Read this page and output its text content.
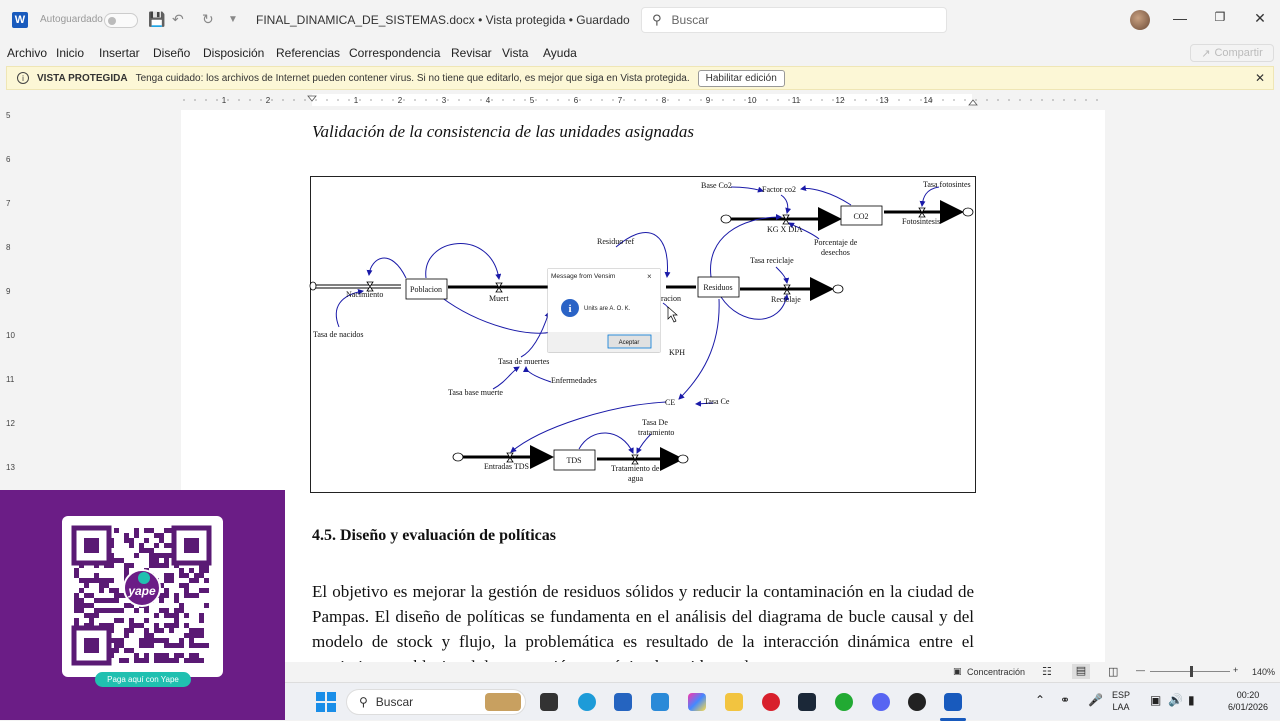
W Autoguardado	💾 ↶ ↻ ▼ FINAL_DINAMICA_DE_SISTEMAS.docx • Vista protegida • Guardado ⚲ Buscar	—	❐	✕
Archivo Inicio Insertar Diseño Disposición Referencias Correspondencia Revisar Vista Ayuda	↗ Compartir
i	VISTA PROTEGIDA Tenga cuidado: los archivos de Internet pueden contener virus. Si no tiene que editarlo, es mejor que siga en Vista protegida.	Habilitar edición	✕
1	2	1	2	3	4	5	6	7	8	9	10	11	12	13	14
5
6
7
8
9
10
11
12
13
Validación de la consistencia de las unidades asignadas
Poblacion	Residuos
CO2
TDS
Base Co2	Factor co2
Tasa fotosintes
KG X DIA
Fotosintesis
Porcentaje de
desechos
Residuo ref
Tasa reciclaje
Reciclaje
Nacimiento	Muert	racion
KPH
Tasa de muertes
Enfermedades
Tasa de nacidos
Tasa base muerte
CE	Tasa Ce
Tasa De
tratamiento
Entradas TDS	Tratamiento de
agua
Message from Vensim	×
i Units are A. O. K.
Aceptar
4.5. Diseño y evaluación de políticas
El objetivo es mejorar la gestión de residuos sólidos y reducir la contaminación en la ciudad de Pampas. El diseño de políticas se fundamenta en el análisis del diagrama de bucle causal y del modelo de stock y flujo, la problemática es resultado de la interacción dinámica entre el
▣ Concentración ☷	▤	◫ —	+ 140%
⚲ Buscar	⌃ ⚭ 🎤 ESP
LAA ▣ 🔊 ▮	00:20
6/01/2026
yape
Paga aquí con Yape
